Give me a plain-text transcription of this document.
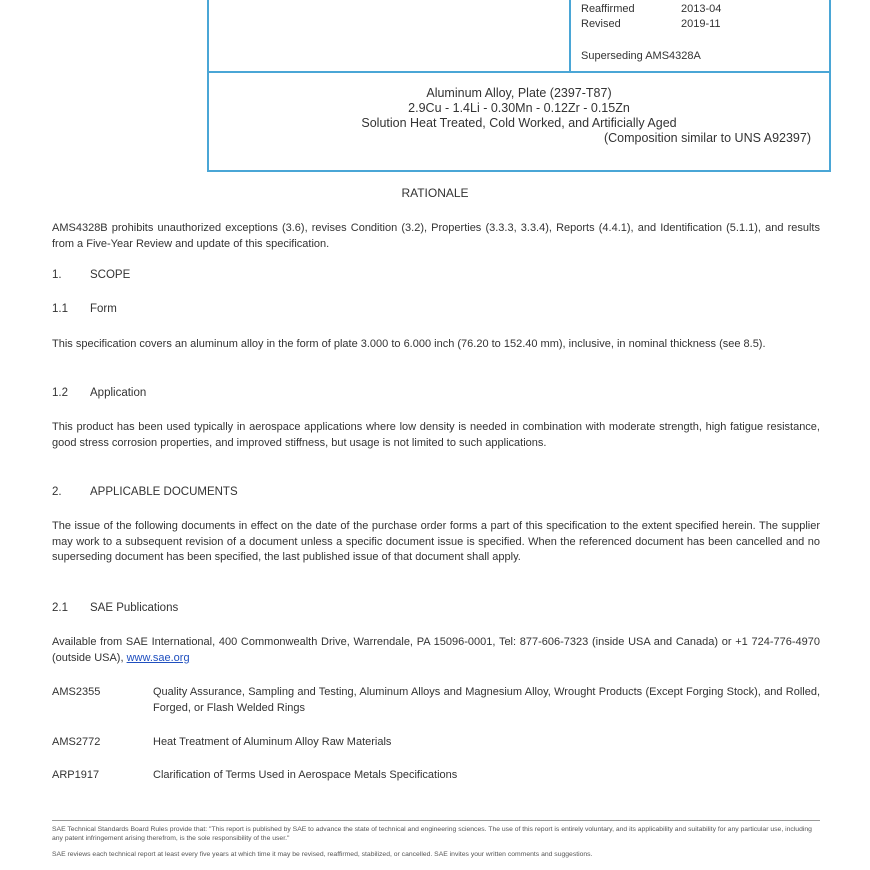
Reaffirmed	2013-04
Revised	2019-11
Superseding AMS4328A
Aluminum Alloy, Plate (2397-T87)
2.9Cu - 1.4Li - 0.30Mn - 0.12Zr - 0.15Zn
Solution Heat Treated, Cold Worked, and Artificially Aged
(Composition similar to UNS A92397)
RATIONALE
AMS4328B prohibits unauthorized exceptions (3.6), revises Condition (3.2), Properties (3.3.3, 3.3.4), Reports (4.4.1), and Identification (5.1.1), and results from a Five-Year Review and update of this specification.
1. SCOPE
1.1 Form
This specification covers an aluminum alloy in the form of plate 3.000 to 6.000 inch (76.20 to 152.40 mm), inclusive, in nominal thickness (see 8.5).
1.2 Application
This product has been used typically in aerospace applications where low density is needed in combination with moderate strength, high fatigue resistance, good stress corrosion properties, and improved stiffness, but usage is not limited to such applications.
2. APPLICABLE DOCUMENTS
The issue of the following documents in effect on the date of the purchase order forms a part of this specification to the extent specified herein. The supplier may work to a subsequent revision of a document unless a specific document issue is specified. When the referenced document has been cancelled and no superseding document has been specified, the last published issue of that document shall apply.
2.1 SAE Publications
Available from SAE International, 400 Commonwealth Drive, Warrendale, PA 15096-0001, Tel: 877-606-7323 (inside USA and Canada) or +1 724-776-4970 (outside USA), www.sae.org
AMS2355	Quality Assurance, Sampling and Testing, Aluminum Alloys and Magnesium Alloy, Wrought Products (Except Forging Stock), and Rolled, Forged, or Flash Welded Rings
AMS2772	Heat Treatment of Aluminum Alloy Raw Materials
ARP1917	Clarification of Terms Used in Aerospace Metals Specifications
SAE Technical Standards Board Rules provide that: "This report is published by SAE to advance the state of technical and engineering sciences. The use of this report is entirely voluntary, and its applicability and suitability for any particular use, including any patent infringement arising therefrom, is the sole responsibility of the user."
SAE reviews each technical report at least every five years at which time it may be revised, reaffirmed, stabilized, or cancelled. SAE invites your written comments and suggestions.
